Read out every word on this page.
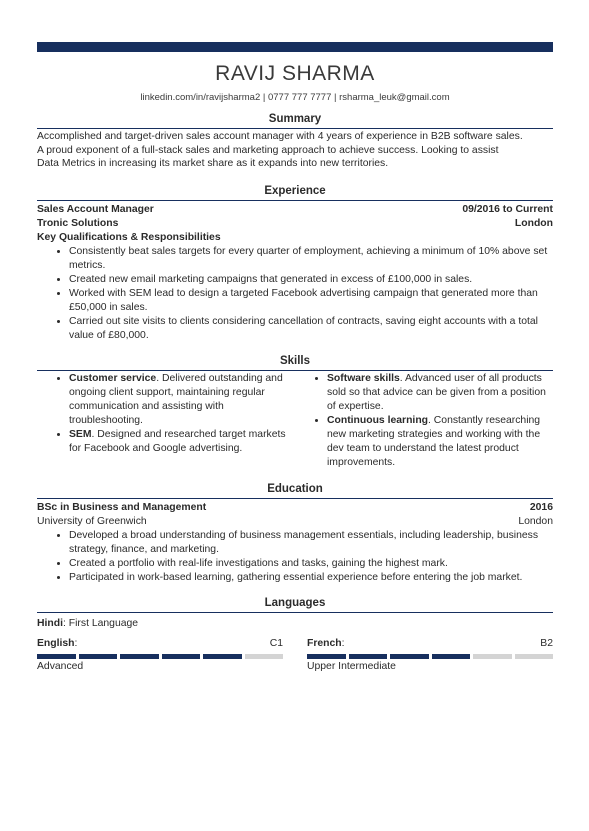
RAVIJ SHARMA
linkedin.com/in/ravijsharma2 | 0777 777 7777 | rsharma_leuk@gmail.com
Summary
Accomplished and target-driven sales account manager with 4 years of experience in B2B software sales.
A proud exponent of a full-stack sales and marketing approach to achieve success. Looking to assist
Data Metrics in increasing its market share as it expands into new territories.
Experience
Sales Account Manager	09/2016 to Current
Tronic Solutions	London
Key Qualifications & Responsibilities
• Consistently beat sales targets for every quarter of employment, achieving a minimum of 10% above set metrics.
• Created new email marketing campaigns that generated in excess of £100,000 in sales.
• Worked with SEM lead to design a targeted Facebook advertising campaign that generated more than £50,000 in sales.
• Carried out site visits to clients considering cancellation of contracts, saving eight accounts with a total value of £80,000.
Skills
• Customer service. Delivered outstanding and ongoing client support, maintaining regular communication and assisting with troubleshooting.
• SEM. Designed and researched target markets for Facebook and Google advertising.
• Software skills. Advanced user of all products sold so that advice can be given from a position of expertise.
• Continuous learning. Constantly researching new marketing strategies and working with the dev team to understand the latest product improvements.
Education
BSc in Business and Management	2016
University of Greenwich	London
• Developed a broad understanding of business management essentials, including leadership, business strategy, finance, and marketing.
• Created a portfolio with real-life investigations and tasks, gaining the highest mark.
• Participated in work-based learning, gathering essential experience before entering the job market.
Languages
Hindi: First Language
English:	C1
Advanced
French:	B2
Upper Intermediate
